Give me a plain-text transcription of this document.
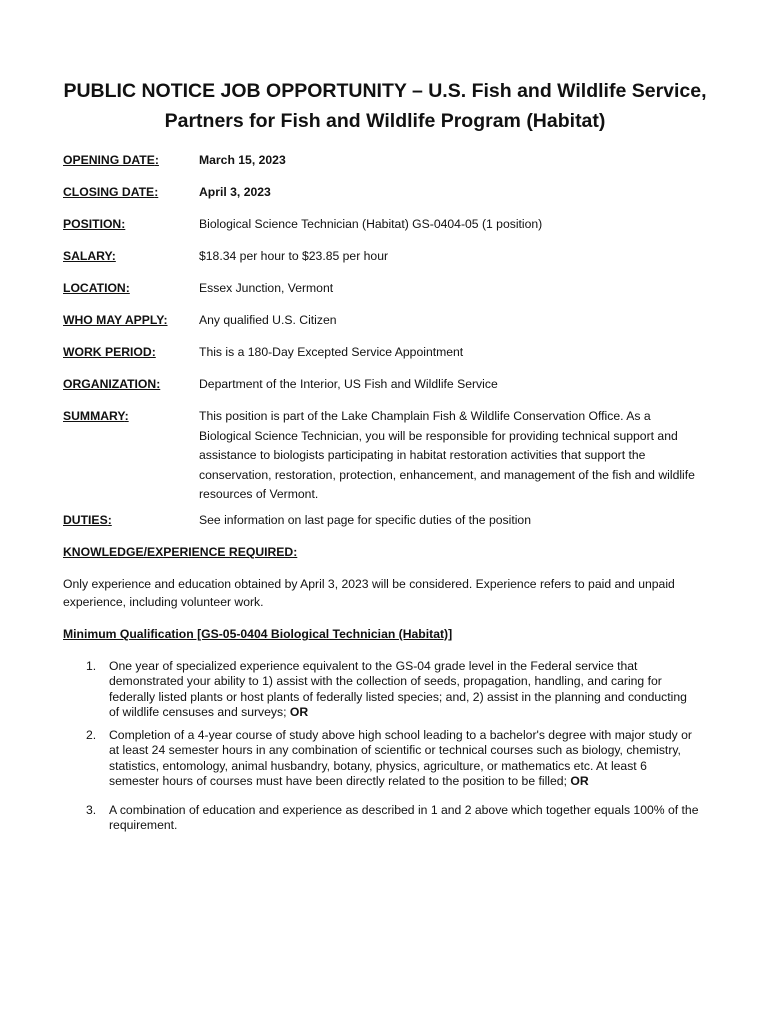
PUBLIC NOTICE JOB OPPORTUNITY – U.S. Fish and Wildlife Service, Partners for Fish and Wildlife Program (Habitat)
OPENING DATE:	March 15, 2023
CLOSING DATE:	April 3, 2023
POSITION:	Biological Science Technician (Habitat) GS-0404-05 (1 position)
SALARY:	$18.34 per hour to $23.85 per hour
LOCATION:	Essex Junction, Vermont
WHO MAY APPLY:	Any qualified U.S. Citizen
WORK PERIOD:	This is a 180-Day Excepted Service Appointment
ORGANIZATION:	Department of the Interior, US Fish and Wildlife Service
SUMMARY:	This position is part of the Lake Champlain Fish & Wildlife Conservation Office. As a Biological Science Technician, you will be responsible for providing technical support and assistance to biologists participating in habitat restoration activities that support the conservation, restoration, protection, enhancement, and management of the fish and wildlife resources of Vermont.
DUTIES:	See information on last page for specific duties of the position
KNOWLEDGE/EXPERIENCE REQUIRED:
Only experience and education obtained by April 3, 2023 will be considered. Experience refers to paid and unpaid experience, including volunteer work.
Minimum Qualification [GS-05-0404 Biological Technician (Habitat)]
1. One year of specialized experience equivalent to the GS-04 grade level in the Federal service that demonstrated your ability to 1) assist with the collection of seeds, propagation, handling, and caring for federally listed plants or host plants of federally listed species; and, 2) assist in the planning and conducting of wildlife censuses and surveys; OR
2. Completion of a 4-year course of study above high school leading to a bachelor's degree with major study or at least 24 semester hours in any combination of scientific or technical courses such as biology, chemistry, statistics, entomology, animal husbandry, botany, physics, agriculture, or mathematics etc. At least 6 semester hours of courses must have been directly related to the position to be filled; OR
3. A combination of education and experience as described in 1 and 2 above which together equals 100% of the requirement.
